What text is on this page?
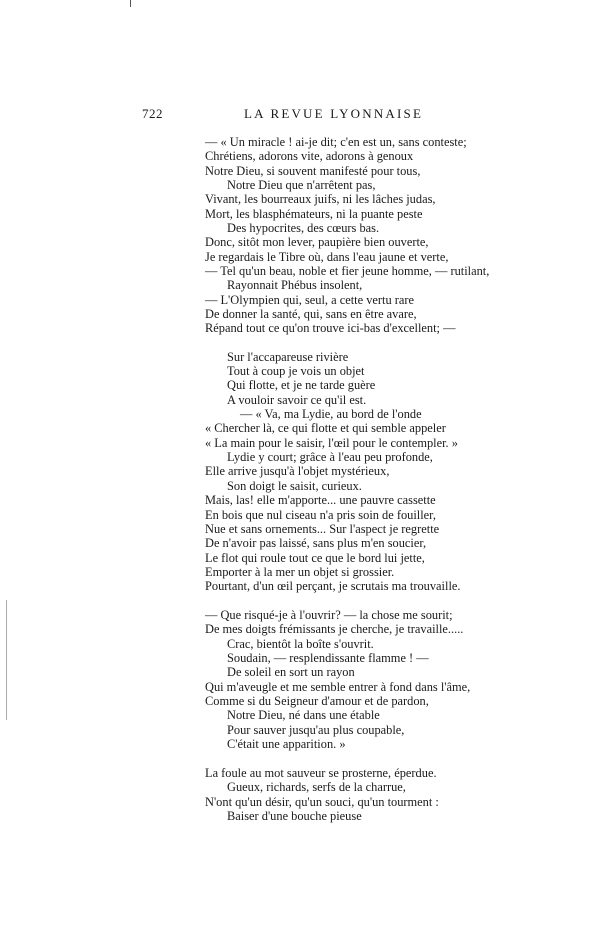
722	LA REVUE LYONNAISE
— « Un miracle ! ai-je dit; c'en est un, sans conteste;
Chrétiens, adorons vite, adorons à genoux
Notre Dieu, si souvent manifesté pour tous,
Notre Dieu que n'arrêtent pas,
Vivant, les bourreaux juifs, ni les lâches judas,
Mort, les blasphémateurs, ni la puante peste
Des hypocrites, des cœurs bas.
Donc, sitôt mon lever, paupière bien ouverte,
Je regardais le Tibre où, dans l'eau jaune et verte,
— Tel qu'un beau, noble et fier jeune homme, — rutilant,
Rayonnait Phébus insolent,
— L'Olympien qui, seul, a cette vertu rare
De donner la santé, qui, sans en être avare,
Répand tout ce qu'on trouve ici-bas d'excellent; —
Sur l'accapareuse rivière
Tout à coup je vois un objet
Qui flotte, et je ne tarde guère
A vouloir savoir ce qu'il est.
— « Va, ma Lydie, au bord de l'onde
« Chercher là, ce qui flotte et qui semble appeler
« La main pour le saisir, l'œil pour le contempler. »
Lydie y court; grâce à l'eau peu profonde,
Elle arrive jusqu'à l'objet mystérieux,
Son doigt le saisit, curieux.
Mais, las! elle m'apporte... une pauvre cassette
En bois que nul ciseau n'a pris soin de fouiller,
Nue et sans ornements... Sur l'aspect je regrette
De n'avoir pas laissé, sans plus m'en soucier,
Le flot qui roule tout ce que le bord lui jette,
Emporter à la mer un objet si grossier.
Pourtant, d'un œil perçant, je scrutais ma trouvaille.
— Que risqué-je à l'ouvrir? — la chose me sourit;
De mes doigts frémissants je cherche, je travaille.....
Crac, bientôt la boîte s'ouvrit.
Soudain, — resplendissante flamme ! —
De soleil en sort un rayon
Qui m'aveugle et me semble entrer à fond dans l'âme,
Comme si du Seigneur d'amour et de pardon,
Notre Dieu, né dans une étable
Pour sauver jusqu'au plus coupable,
C'était une apparition. »
La foule au mot sauveur se prosterne, éperdue.
Gueux, richards, serfs de la charrue,
N'ont qu'un désir, qu'un souci, qu'un tourment :
Baiser d'une bouche pieuse
